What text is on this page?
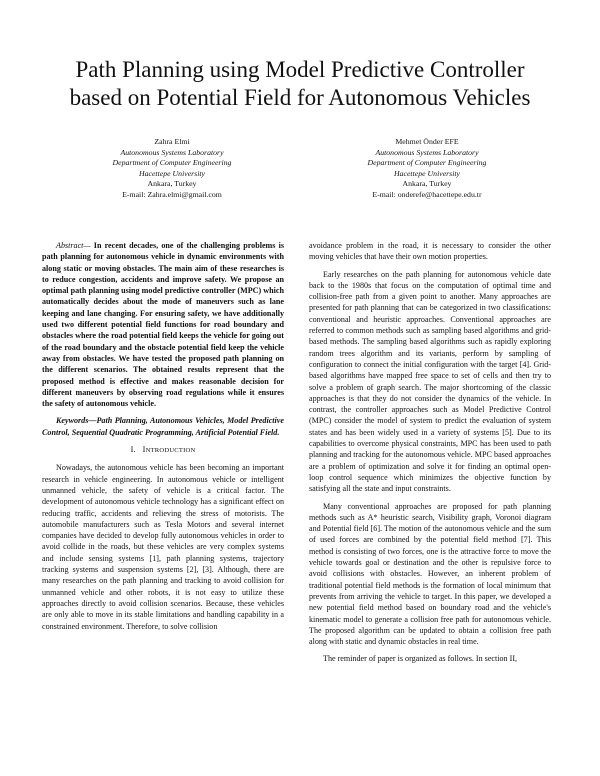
Path Planning using Model Predictive Controller
based on Potential Field for Autonomous Vehicles
Zahra Elmi
Autonomous Systems Laboratory
Department of Computer Engineering
Hacettepe University
Ankara, Turkey
E-mail: Zahra.elmi@gmail.com
Mehmet Önder EFE
Autonomous Systems Laboratory
Department of Computer Engineering
Hacettepe University
Ankara, Turkey
E-mail: onderefe@hacettepe.edu.tr

Abstract— In recent decades, one of the challenging problems is path planning for autonomous vehicle in dynamic environments with along static or moving obstacles. The main aim of these researches is to reduce congestion, accidents and improve safety. We propose an optimal path planning using model predictive controller (MPC) which automatically decides about the mode of maneuvers such as lane keeping and lane changing. For ensuring safety, we have additionally used two different potential field functions for road boundary and obstacles where the road potential field keeps the vehicle for going out of the road boundary and the obstacle potential field keep the vehicle away from obstacles. We have tested the proposed path planning on the different scenarios. The obtained results represent that the proposed method is effective and makes reasonable decision for different maneuvers by observing road regulations while it ensures the safety of autonomous vehicle.

Keywords—Path Planning, Autonomous Vehicles, Model Predictive Control, Sequential Quadratic Programming, Artificial Potential Field.

I. INTRODUCTION

Nowadays, the autonomous vehicle has been becoming an important research in vehicle engineering. In autonomous vehicle or intelligent unmanned vehicle, the safety of vehicle is a critical factor. The development of autonomous vehicle technology has a significant effect on reducing traffic, accidents and relieving the stress of motorists. The automobile manufacturers such as Tesla Motors and several internet companies have decided to develop fully autonomous vehicles in order to avoid collide in the roads, but these vehicles are very complex systems and include sensing systems [1], path planning systems, trajectory tracking systems and suspension systems [2], [3]. Although, there are many researches on the path planning and tracking to avoid collision for unmanned vehicle and other robots, it is not easy to utilize these approaches directly to avoid collision scenarios. Because, these vehicles are only able to move in its stable limitations and handling capability in a constrained environment. Therefore, to solve collision

avoidance problem in the road, it is necessary to consider the other moving vehicles that have their own motion properties.

Early researches on the path planning for autonomous vehicle date back to the 1980s that focus on the computation of optimal time and collision-free path from a given point to another. Many approaches are presented for path planning that can be categorized in two classifications: conventional and heuristic approaches. Conventional approaches are referred to common methods such as sampling based algorithms and grid-based methods. The sampling based algorithms such as rapidly exploring random trees algorithm and its variants, perform by sampling of configuration to connect the initial configuration with the target [4]. Grid-based algorithms have mapped free space to set of cells and then try to solve a problem of graph search. The major shortcoming of the classic approaches is that they do not consider the dynamics of the vehicle. In contrast, the controller approaches such as Model Predictive Control (MPC) consider the model of system to predict the evaluation of system states and has been widely used in a variety of systems [5]. Due to its capabilities to overcome physical constraints, MPC has been used to path planning and tracking for the autonomous vehicle. MPC based approaches are a problem of optimization and solve it for finding an optimal open-loop control sequence which minimizes the objective function by satisfying all the state and input constraints.

Many conventional approaches are proposed for path planning methods such as A* heuristic search, Visibility graph, Voronoi diagram and Potential field [6]. The motion of the autonomous vehicle and the sum of used forces are combined by the potential field method [7]. This method is consisting of two forces, one is the attractive force to move the vehicle towards goal or destination and the other is repulsive force to avoid collisions with obstacles. However, an inherent problem of traditional potential field methods is the formation of local minimum that prevents from arriving the vehicle to target. In this paper, we developed a new potential field method based on boundary road and the vehicle's kinematic model to generate a collision free path for autonomous vehicle. The proposed algorithm can be updated to obtain a collision free path along with static and dynamic obstacles in real time.

The reminder of paper is organized as follows. In section II,
